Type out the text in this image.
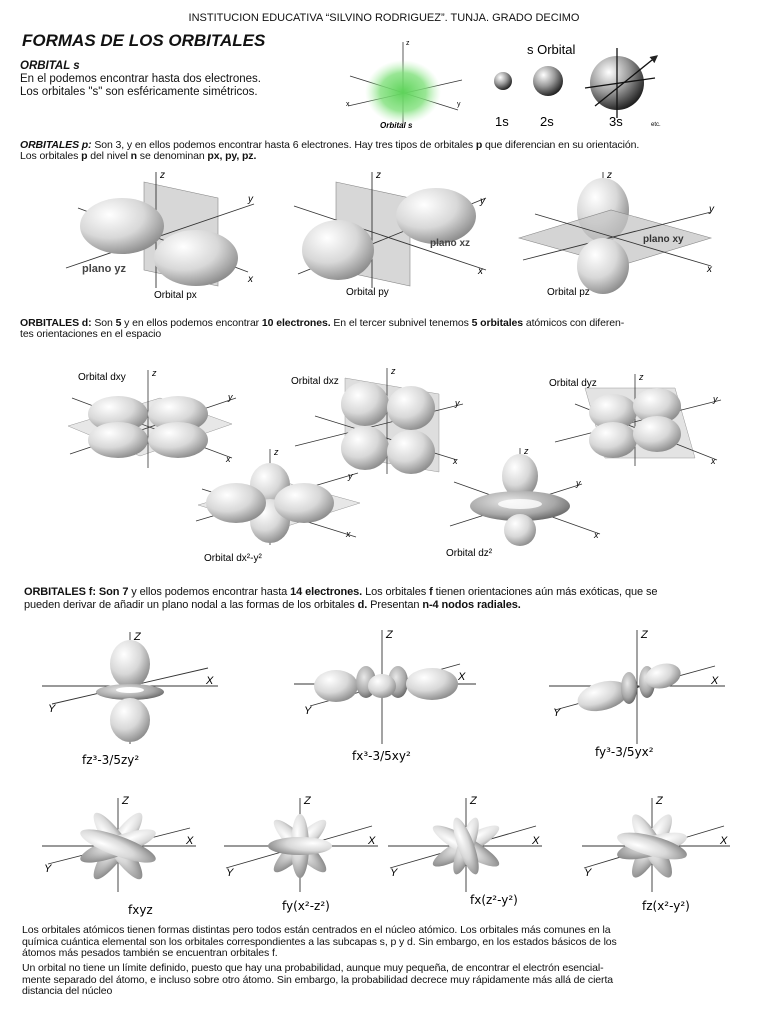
INSTITUCION EDUCATIVA “SILVINO RODRIGUEZ”. TUNJA. GRADO DECIMO
FORMAS DE LOS ORBITALES
ORBITAL s
En el podemos encontrar hasta dos electrones.
Los orbitales "s" son esféricamente simétricos.
z
x	y
Orbital s
s Orbital
1s 2s	3s	etc.
ORBITALES p: Son 3, y en ellos podemos encontrar hasta 6 electrones. Hay tres tipos de orbitales p que diferencian en su orientación.
Los orbitales p del nivel n se denominan px, py, pz.
z
y
x
plano yz
Orbital px
z
y
x
plano xz
Orbital py
z
y
x
plano xy
Orbital pz
ORBITALES d: Son 5 y en ellos podemos encontrar 10 electrones. En el tercer subnivel tenemos 5 orbitales atómicos con diferen-
tes orientaciones en el espacio
Orbital dxy	z
y
x
Orbital dxz
z
y
x
Orbital dyz
z
y
x
z
y
x
Orbital dx²-y²
z
y
x
Orbital dz²
ORBITALES f: Son 7 y ellos podemos encontrar hasta 14 electrones. Los orbitales f tienen orientaciones aún más exóticas, que se
pueden derivar de añadir un plano nodal a las formas de los orbitales d. Presentan n-4 nodos radiales.
Z
X
Y
fz³-3/5zy²
Z
X
Y
fx³-3/5xy²
Z
X
Y
fy³-3/5yx²
Z
X
Y
fxyz
Z
X
Y
fy(x²-z²)
Z
X
Y
fx(z²-y²)
Z
X
Y
fz(x²-y²)
Los orbitales atómicos tienen formas distintas pero todos están centrados en el núcleo atómico. Los orbitales más comunes en la
química cuántica elemental son los orbitales correspondientes a las subcapas s, p y d. Sin embargo, en los estados básicos de los
átomos más pesados también se encuentran orbitales f.
Un orbital no tiene un límite definido, puesto que hay una probabilidad, aunque muy pequeña, de encontrar el electrón esencial-
mente separado del átomo, e incluso sobre otro átomo. Sin embargo, la probabilidad decrece muy rápidamente más allá de cierta
distancia del núcleo
